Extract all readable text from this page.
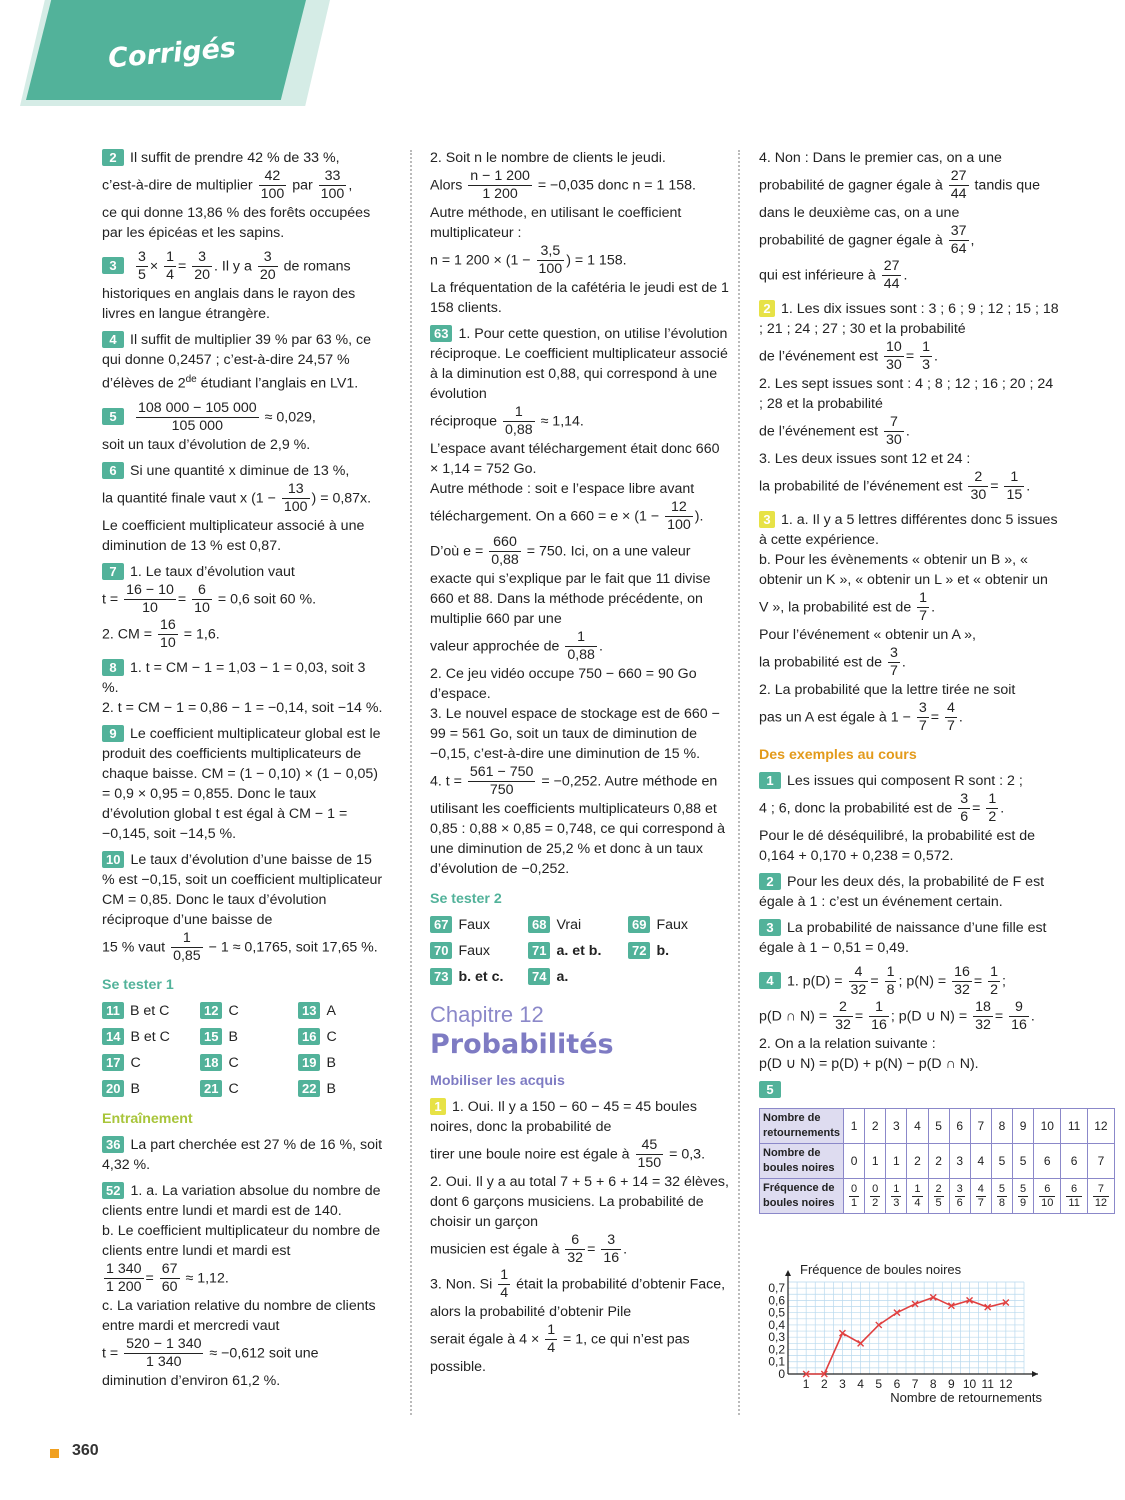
Corrigés
2 Il suffit de prendre 42 % de 33 %,
c’est-à-dire de multiplier $\frac{42}{100}$ par $\frac{33}{100}$ ,
ce qui donne 13,86 % des forêts occupées par les épicéas et les sapins.
$3 \frac{3}{5} \times \frac{1}{4} = \frac{3}{20}$ . Il y a $\frac{3}{20}$ de romans historiques en anglais dans le rayon des livres en langue étrangère.
4 Il suffit de multiplier 39 % par 63 %, ce qui donne 0,2457 ; c’est-à-dire 24,57 % d’élèves de 2de étudiant l’anglais en LV1.
$5 \frac{108 000 - 105 000}{105 000} \approx 0,029$,
soit un taux d’évolution de 2,9 %.
6 Si une quantité x diminue de 13 %,
la quantité finale vaut x ($1 - \frac{13}{100}$ ) = 0,87x.
Le coefficient multiplicateur associé à une diminution de 13 % est 0,87.
7 1. Le taux d’évolution vaut
$t = \frac{16 - 10}{10} = \frac{6}{10} = 0,6$ soit 60 %.
2. CM = $\frac{16}{10} = 1,6$.
8 1. t = CM − 1 = 1,03 − 1 = 0,03, soit 3 %.
2. t = CM − 1 = 0,86 − 1 = −0,14, soit −14 %.
9 Le coefficient multiplicateur global est le produit des coefficients multiplicateurs de chaque baisse. CM = (1 − 0,10) × (1 − 0,05) = 0,9 × 0,95 = 0,855. Donc le taux d’évolution global t est égal à CM − 1 = −0,145, soit −14,5 %.
10 Le taux d’évolution d’une baisse de 15 % est −0,15, soit un coefficient multiplicateur CM = 0,85. Donc le taux d’évolution réciproque d’une baisse de
15 % vaut $\frac{1}{0,85} - 1 \approx 0,1765$, soit 17,65 %.
Se tester 1
11 B et C	12 C	13 A
14 B et C	15 B	16 C
17 C	18 C	19 B
20 B	21 C	22 B
Entraînement
36 La part cherchée est 27 % de 16 %, soit 4,32 %.
52 1. a. La variation absolue du nombre de clients entre lundi et mardi est de 140.
b. Le coefficient multiplicateur du nombre de clients entre lundi et mardi est

$\frac{1 340}{1 200} = \frac{67}{60} \approx 1,12$.
c. La variation relative du nombre de clients entre mardi et mercredi vaut
$t = \frac{520 - 1 340}{1 340} \approx -0,612$ soit une diminution d’environ 61,2 %.
2. Soit n le nombre de clients le jeudi.
Alors $\frac{n - 1 200}{1 200} = -0,035$ donc n = 1 158.
Autre méthode, en utilisant le coefficient multiplicateur :
n = 1 $200 \times (1 - \frac{3,5}{100}$ ) = 1 158.
La fréquentation de la cafétéria le jeudi est de 1 158 clients.
63 1. Pour cette question, on utilise l’évolution réciproque. Le coefficient multiplicateur associé à la diminution est 0,88, qui correspond à une évolution
réciproque $\frac{1}{0,88} \approx 1,14$.
L’espace avant téléchargement était donc 660 × 1,14 = 752 Go.
Autre méthode : soit e l’espace libre avant
téléchargement. On a $660 = e \times (1 - \frac{12}{100}$ ).
D’où $e = \frac{660}{0,88} = 750$. Ici, on a une valeur exacte qui s’explique par le fait que 11 divise 660 et 88. Dans la méthode précédente, on multiplie 660 par une
valeur approchée de $\frac{1}{0,88}$ .
2. Ce jeu vidéo occupe 750 − 660 = 90 Go d’espace.
3. Le nouvel espace de stockage est de 660 − 99 = 561 Go, soit un taux de diminution de −0,15, c’est-à-dire une diminution de 15 %.
4. $t = \frac{561 - 750}{750} = -0,252$. Autre méthode en utilisant les coefficients multiplicateurs 0,88 et 0,85 : 0,88 × 0,85 = 0,748, ce qui correspond à une diminution de 25,2 % et donc à un taux d’évolution de −0,252.
Se tester 2
67 Faux	68 Vrai	69 Faux
70 Faux	71 a. et b.	72 b.
73 b. et c.	74 a.
Chapitre 12
Probabilités
Mobiliser les acquis
1 1. Oui. Il y a 150 − 60 − 45 = 45 boules noires, donc la probabilité de
tirer une boule noire est égale à $\frac{45}{150} = 0,3$.
2. Oui. Il y a au total 7 + 5 + 6 + 14 = 32 élèves, dont 6 garçons musiciens. La probabilité de choisir un garçon
musicien est égale à $\frac{6}{32} = \frac{3}{16}$ .
3. Non. Si $\frac{1}{4}$ était la probabilité d’obtenir Face, alors la probabilité d’obtenir Pile
serait égale à $4 \times \frac{1}{4} = 1$, ce qui n’est pas possible.
4. Non : Dans le premier cas, on a une
probabilité de gagner égale à $\frac{27}{44}$ tandis que dans le deuxième cas, on a une
probabilité de gagner égale à $\frac{37}{64}$ ,
qui est inférieure à $\frac{27}{44}$ .
2 1. Les dix issues sont : 3 ; 6 ; 9 ; 12 ; 15 ; 18 ; 21 ; 24 ; 27 ; 30 et la probabilité
de l’événement est $\frac{10}{30} = \frac{1}{3}$ .
2. Les sept issues sont : 4 ; 8 ; 12 ; 16 ; 20 ; 24 ; 28 et la probabilité
de l’événement est $\frac{7}{30}$ .
3. Les deux issues sont 12 et 24 :
la probabilité de l’événement est $\frac{2}{30} = \frac{1}{15}$ .
3 1. a. Il y a 5 lettres différentes donc 5 issues à cette expérience.
b. Pour les évènements « obtenir un B », « obtenir un K », « obtenir un L » et « obtenir un V », la probabilité est de $\frac{1}{7}$ .
Pour l’événement « obtenir un A »,
la probabilité est de $\frac{3}{7}$ .
2. La probabilité que la lettre tirée ne soit
pas un A est égale à $1 - \frac{3}{7} = \frac{4}{7}$ .
Des exemples au cours
1 Les issues qui composent R sont : 2 ;
4 ; 6, donc la probabilité est de $\frac{3}{6} = \frac{1}{2}$ .
Pour le dé déséquilibré, la probabilité est de 0,164 + 0,170 + 0,238 = 0,572.
2 Pour les deux dés, la probabilité de F est égale à 1 : c’est un événement certain.
3 La probabilité de naissance d’une fille est égale à 1 − 0,51 = 0,49.
4 1. $p(D) = \frac{4}{32} = \frac{1}{8}$ ; $p(N) = \frac{16}{32} = \frac{1}{2}$ ;
p(D ∩ $N) = \frac{2}{32} = \frac{1}{16}$ ; p(D ∪ $N) = \frac{18}{32} = \frac{9}{16}$ .
2. On a la relation suivante :
p(D ∪ N) = p(D) + p(N) − p(D ∩ N).
5
Nombre de retournements	1	2	3	4	5	6	7	8	9	10	11	12
Nombre de boules noires	0	1	1	2	2	3	4	5	5	6	6	7
Fréquence de boules noires	$\frac{0}{1}$	$\frac{0}{2}$	$\frac{1}{3}$	$\frac{1}{4}$	$\frac{2}{5}$	$\frac{3}{6}$	$\frac{4}{7}$	$\frac{5}{8}$	$\frac{5}{9}$	$\frac{6}{10}$	$\frac{6}{11}$	$\frac{7}{12}$
1 2 3 4 5 6 7 8 9 10 11 12
0
0,1
0,2
0,3
0,4
0,5
0,6
0,7
Fréquence de boules noires
Nombre de retournements
360
